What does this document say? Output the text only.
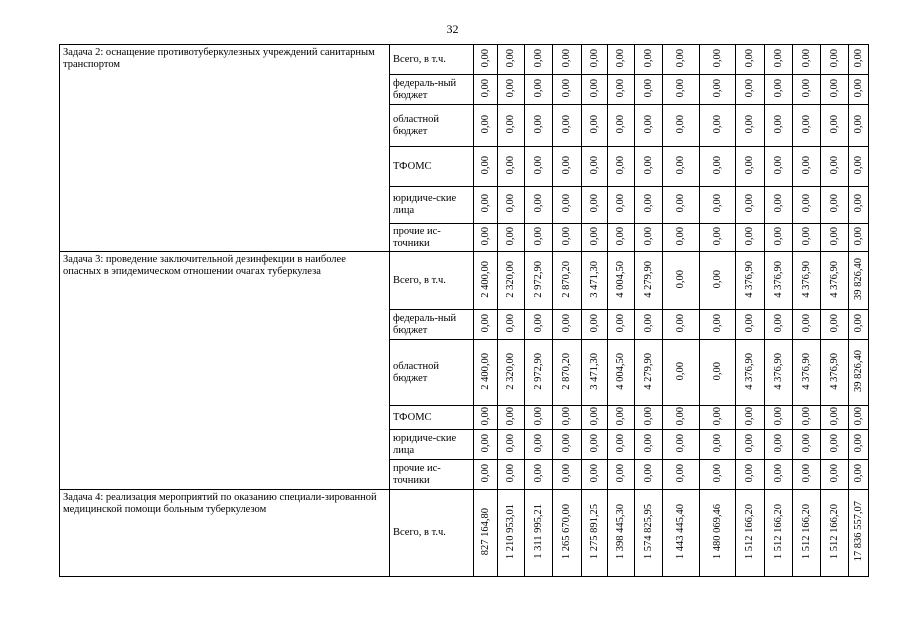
32
Задача 2: оснащение противотуберкулезных учреждений санитарным транспортом	Всего, в т.ч.	0,00	0,00	0,00	0,00	0,00	0,00	0,00	0,00	0,00	0,00	0,00	0,00	0,00	0,00
	федераль-ный бюджет	0,00	0,00	0,00	0,00	0,00	0,00	0,00	0,00	0,00	0,00	0,00	0,00	0,00	0,00
	областной бюджет	0,00	0,00	0,00	0,00	0,00	0,00	0,00	0,00	0,00	0,00	0,00	0,00	0,00	0,00
	ТФОМС	0,00	0,00	0,00	0,00	0,00	0,00	0,00	0,00	0,00	0,00	0,00	0,00	0,00	0,00
	юридиче-ские лица	0,00	0,00	0,00	0,00	0,00	0,00	0,00	0,00	0,00	0,00	0,00	0,00	0,00	0,00
	прочие ис-точники	0,00	0,00	0,00	0,00	0,00	0,00	0,00	0,00	0,00	0,00	0,00	0,00	0,00	0,00
Задача 3: проведение заключительной дезинфекции в наиболее опасных в эпидемическом отношении очагах туберкулеза	Всего, в т.ч.	2 400,00	2 320,00	2 972,90	2 870,20	3 471,30	4 004,50	4 279,90	0,00	0,00	4 376,90	4 376,90	4 376,90	4 376,90	39 826,40
	федераль-ный бюджет	0,00	0,00	0,00	0,00	0,00	0,00	0,00	0,00	0,00	0,00	0,00	0,00	0,00	0,00
	областной бюджет	2 400,00	2 320,00	2 972,90	2 870,20	3 471,30	4 004,50	4 279,90	0,00	0,00	4 376,90	4 376,90	4 376,90	4 376,90	39 826,40
	ТФОМС	0,00	0,00	0,00	0,00	0,00	0,00	0,00	0,00	0,00	0,00	0,00	0,00	0,00	0,00
	юридиче-ские лица	0,00	0,00	0,00	0,00	0,00	0,00	0,00	0,00	0,00	0,00	0,00	0,00	0,00	0,00
	прочие ис-точники	0,00	0,00	0,00	0,00	0,00	0,00	0,00	0,00	0,00	0,00	0,00	0,00	0,00	0,00
Задача 4: реализация мероприятий по оказанию специали-зированной медицинской помощи больным туберкулезом	Всего, в т.ч.	827 164,80	1 210 953,01	1 311 995,21	1 265 670,00	1 275 891,25	1 398 445,30	1 574 825,95	1 443 445,40	1 480 069,46	1 512 166,20	1 512 166,20	1 512 166,20	1 512 166,20	17 836 557,07
